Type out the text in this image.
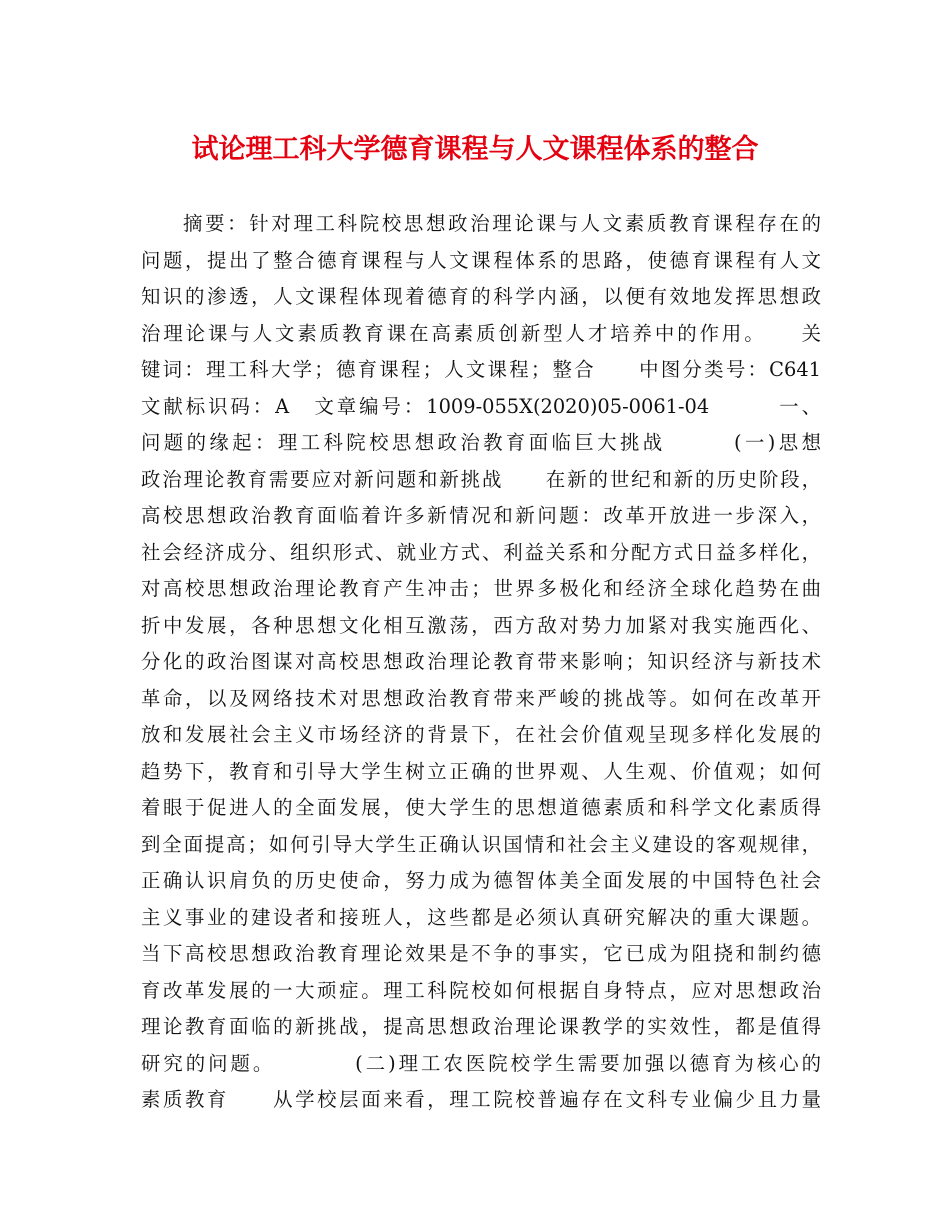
试论理工科大学德育课程与人文课程体系的整合
摘要：针对理工科院校思想政治理论课与人文素质教育课程存在的
问题，提出了整合德育课程与人文课程体系的思路，使德育课程有人文
知识的渗透，人文课程体现着德育的科学内涵，以便有效地发挥思想政
治理论课与人文素质教育课在高素质创新型人才培养中的作用。　　关
键词：理工科大学；德育课程；人文课程；整合　　中图分类号：C641
文献标识码：A　文章编号：1009-055X(2020)05-0061-04　　　一、
问题的缘起：理工科院校思想政治教育面临巨大挑战　　　(一)思想
政治理论教育需要应对新问题和新挑战　　在新的世纪和新的历史阶段，
高校思想政治教育面临着许多新情况和新问题：改革开放进一步深入，
社会经济成分、组织形式、就业方式、利益关系和分配方式日益多样化，
对高校思想政治理论教育产生冲击；世界多极化和经济全球化趋势在曲
折中发展，各种思想文化相互激荡，西方敌对势力加紧对我实施西化、
分化的政治图谋对高校思想政治理论教育带来影响；知识经济与新技术
革命，以及网络技术对思想政治教育带来严峻的挑战等。如何在改革开
放和发展社会主义市场经济的背景下，在社会价值观呈现多样化发展的
趋势下，教育和引导大学生树立正确的世界观、人生观、价值观；如何
着眼于促进人的全面发展，使大学生的思想道德素质和科学文化素质得
到全面提高；如何引导大学生正确认识国情和社会主义建设的客观规律，
正确认识肩负的历史使命，努力成为德智体美全面发展的中国特色社会
主义事业的建设者和接班人，这些都是必须认真研究解决的重大课题。
当下高校思想政治教育理论效果是不争的事实，它已成为阻挠和制约德
育改革发展的一大顽症。理工科院校如何根据自身特点，应对思想政治
理论教育面临的新挑战，提高思想政治理论课教学的实效性，都是值得
研究的问题。　　　　(二)理工农医院校学生需要加强以德育为核心的
素质教育　　从学校层面来看，理工院校普遍存在文科专业偏少且力量
